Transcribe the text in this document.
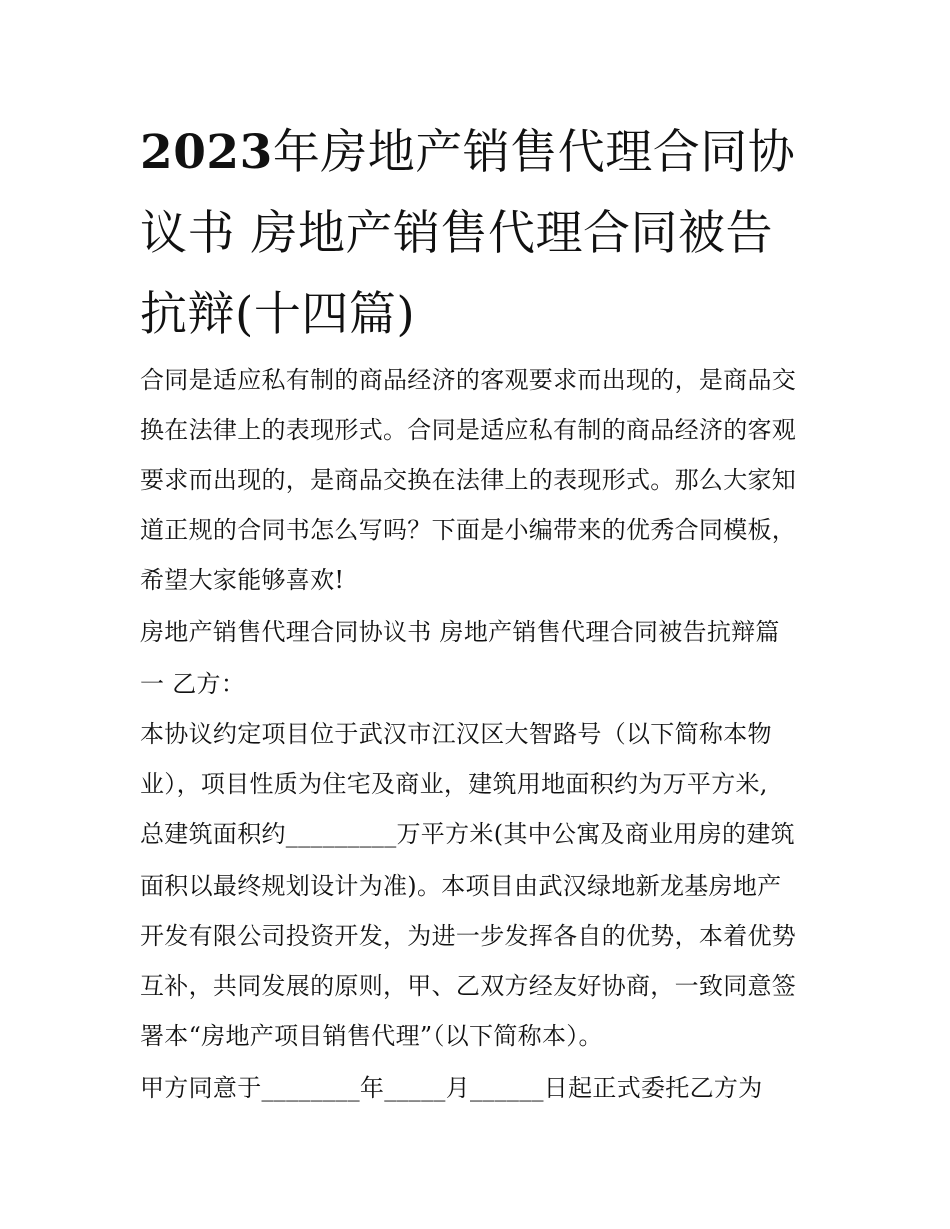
2023年房地产销售代理合同协议书 房地产销售代理合同被告抗辩(十四篇)
合同是适应私有制的商品经济的客观要求而出现的，是商品交
换在法律上的表现形式。合同是适应私有制的商品经济的客观
要求而出现的，是商品交换在法律上的表现形式。那么大家知
道正规的合同书怎么写吗？下面是小编带来的优秀合同模板，
希望大家能够喜欢!
房地产销售代理合同协议书 房地产销售代理合同被告抗辩篇
一 乙方：
本协议约定项目位于武汉市江汉区大智路号（以下简称本物
业），项目性质为住宅及商业，建筑用地面积约为万平方米,
总建筑面积约_________万平方米(其中公寓及商业用房的建筑
面积以最终规划设计为准)。本项目由武汉绿地新龙基房地产
开发有限公司投资开发，为进一步发挥各自的优势，本着优势
互补，共同发展的原则，甲、乙双方经友好协商，一致同意签
署本“房地产项目销售代理”（以下简称本）。
甲方同意于________年_____月______日起正式委托乙方为
